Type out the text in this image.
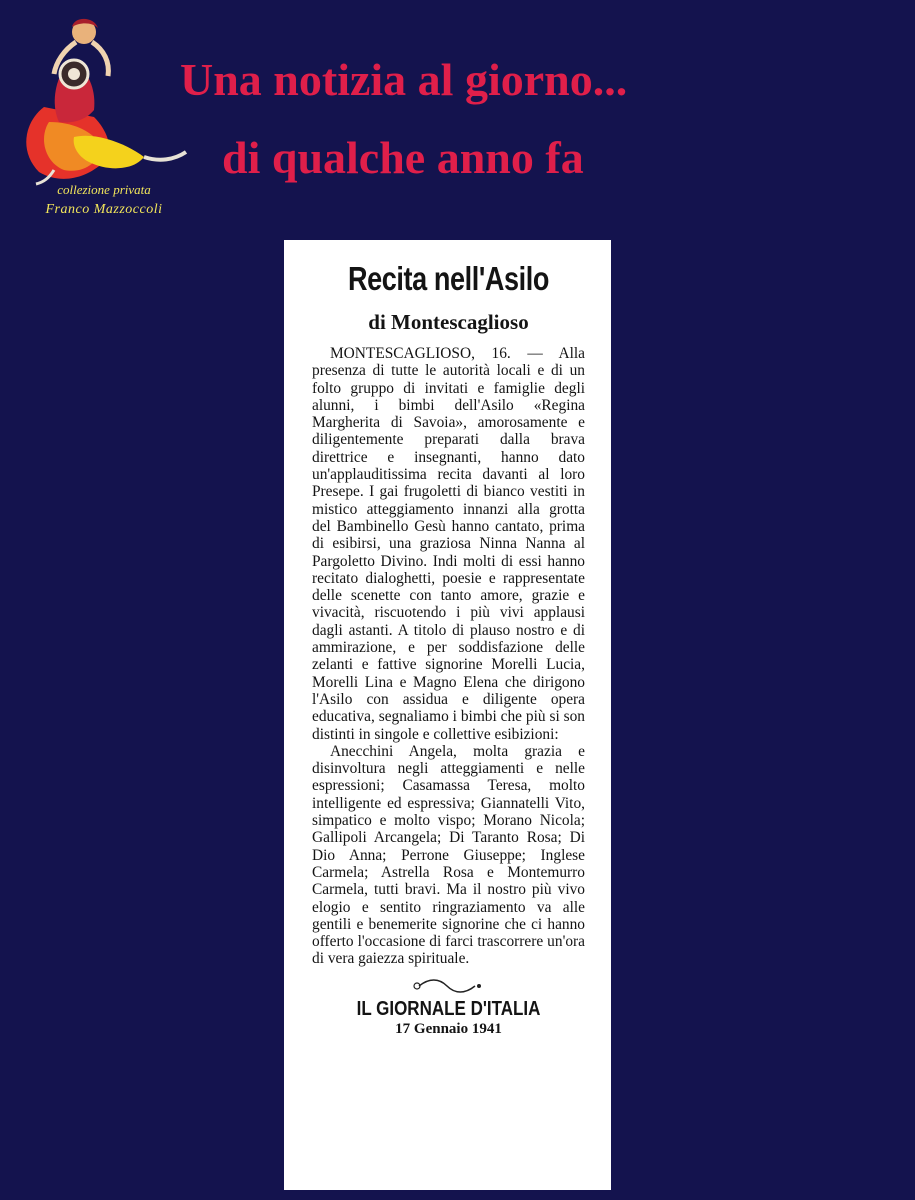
collezione privata
Franco Mazzoccoli
Una notizia al giorno...
di qualche anno fa
Recita nell'Asilo
di Montescaglioso

MONTESCAGLIOSO, 16. — Alla presenza di tutte le autorità locali e di un folto gruppo di invitati e famiglie degli alunni, i bimbi dell'Asilo «Regina Margherita di Savoia», amorosamente e diligentemente preparati dalla brava direttrice e insegnanti, hanno dato un'applauditissima recita davanti al loro Presepe. I gai frugoletti di bianco vestiti in mistico atteggiamento innanzi alla grotta del Bambinello Gesù hanno cantato, prima di esibirsi, una graziosa Ninna Nanna al Pargoletto Divino. Indi molti di essi hanno recitato dialoghetti, poesie e rappresentate delle scenette con tanto amore, grazie e vivacità, riscuotendo i più vivi applausi dagli astanti. A titolo di plauso nostro e di ammirazione, e per soddisfazione delle zelanti e fattive signorine Morelli Lucia, Morelli Lina e Magno Elena che dirigono l'Asilo con assidua e diligente opera educativa, segnaliamo i bimbi che più si son distinti in singole e collettive esibizioni:

Anecchini Angela, molta grazia e disinvoltura negli atteggiamenti e nelle espressioni; Casamassa Teresa, molto intelligente ed espressiva; Giannatelli Vito, simpatico e molto vispo; Morano Nicola; Gallipoli Arcangela; Di Taranto Rosa; Di Dio Anna; Perrone Giuseppe; Inglese Carmela; Astrella Rosa e Montemurro Carmela, tutti bravi. Ma il nostro più vivo elogio e sentito ringraziamento va alle gentili e benemerite signorine che ci hanno offerto l'occasione di farci trascorrere un'ora di vera gaiezza spirituale.

IL GIORNALE D'ITALIA
17 Gennaio 1941
